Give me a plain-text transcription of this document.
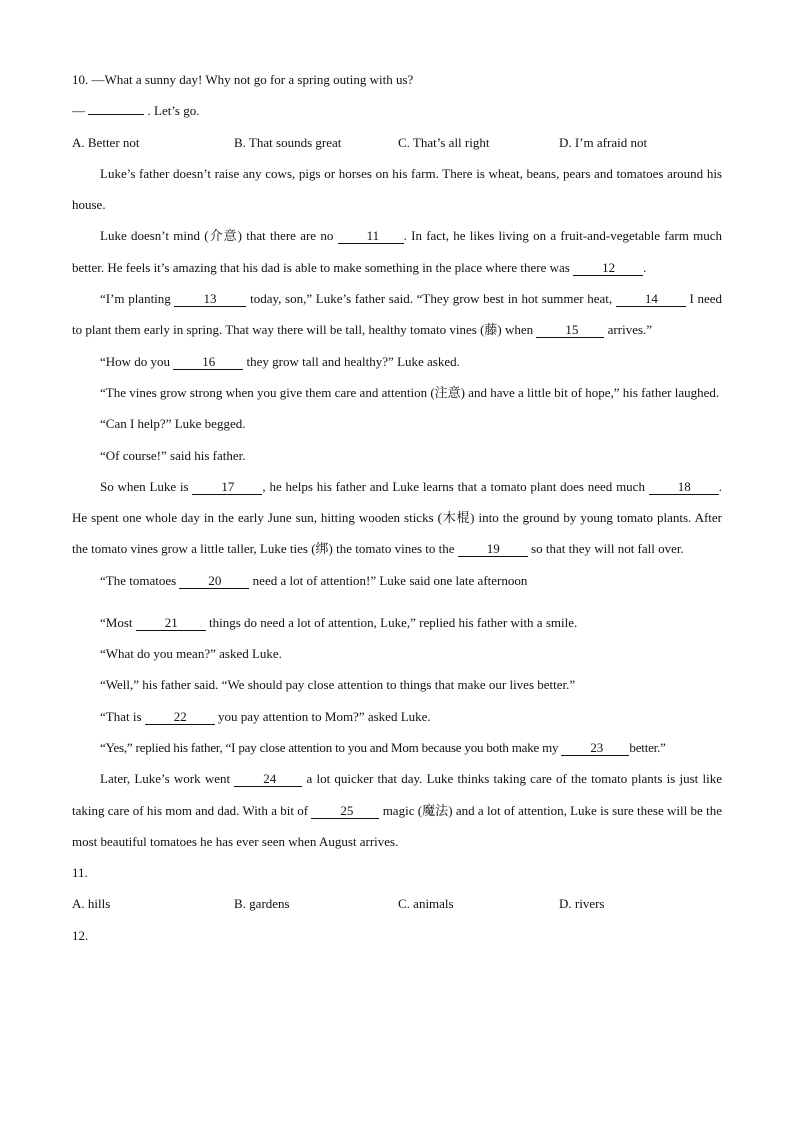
10. —What a sunny day! Why not go for a spring outing with us?
—	. Let’s go.
A. Better not	B. That sounds great	C. That’s all right	D. I’m afraid not
Luke’s father doesn’t raise any cows, pigs or horses on his farm. There is wheat, beans, pears and tomatoes around his house.
Luke doesn’t mind (介意) that there are no 11 . In fact, he likes living on a fruit-and-vegetable farm much better. He feels it’s amazing that his dad is able to make something in the place where there was 12 .
“I’m planting 13 today, son,” Luke’s father said. “They grow best in hot summer heat, 14 I need to plant them early in spring. That way there will be tall, healthy tomato vines (藤) when 15 arrives.”
“How do you 16 they grow tall and healthy?” Luke asked.
“The vines grow strong when you give them care and attention (注意) and have a little bit of hope,” his father laughed.
“Can I help?” Luke begged.
“Of course!” said his father.
So when Luke is 17 , he helps his father and Luke learns that a tomato plant does need much 18 . He spent one whole day in the early June sun, hitting wooden sticks (木棍) into the ground by young tomato plants. After the tomato vines grow a little taller, Luke ties (绑) the tomato vines to the 19 so that they will not fall over.
“The tomatoes 20 need a lot of attention!” Luke said one late afternoon
“Most 21 things do need a lot of attention, Luke,” replied his father with a smile.
“What do you mean?” asked Luke.
“Well,” his father said. “We should pay close attention to things that make our lives better.”
“That is 22 you pay attention to Mom?” asked Luke.
“Yes,” replied his father, “I pay close attention to you and Mom because you both make my 23 better.”
Later, Luke’s work went 24 a lot quicker that day. Luke thinks taking care of the tomato plants is just like taking care of his mom and dad. With a bit of 25 magic (魔法) and a lot of attention, Luke is sure these will be the most beautiful tomatoes he has ever seen when August arrives.
11.
A. hills	B. gardens	C. animals	D. rivers
12.
